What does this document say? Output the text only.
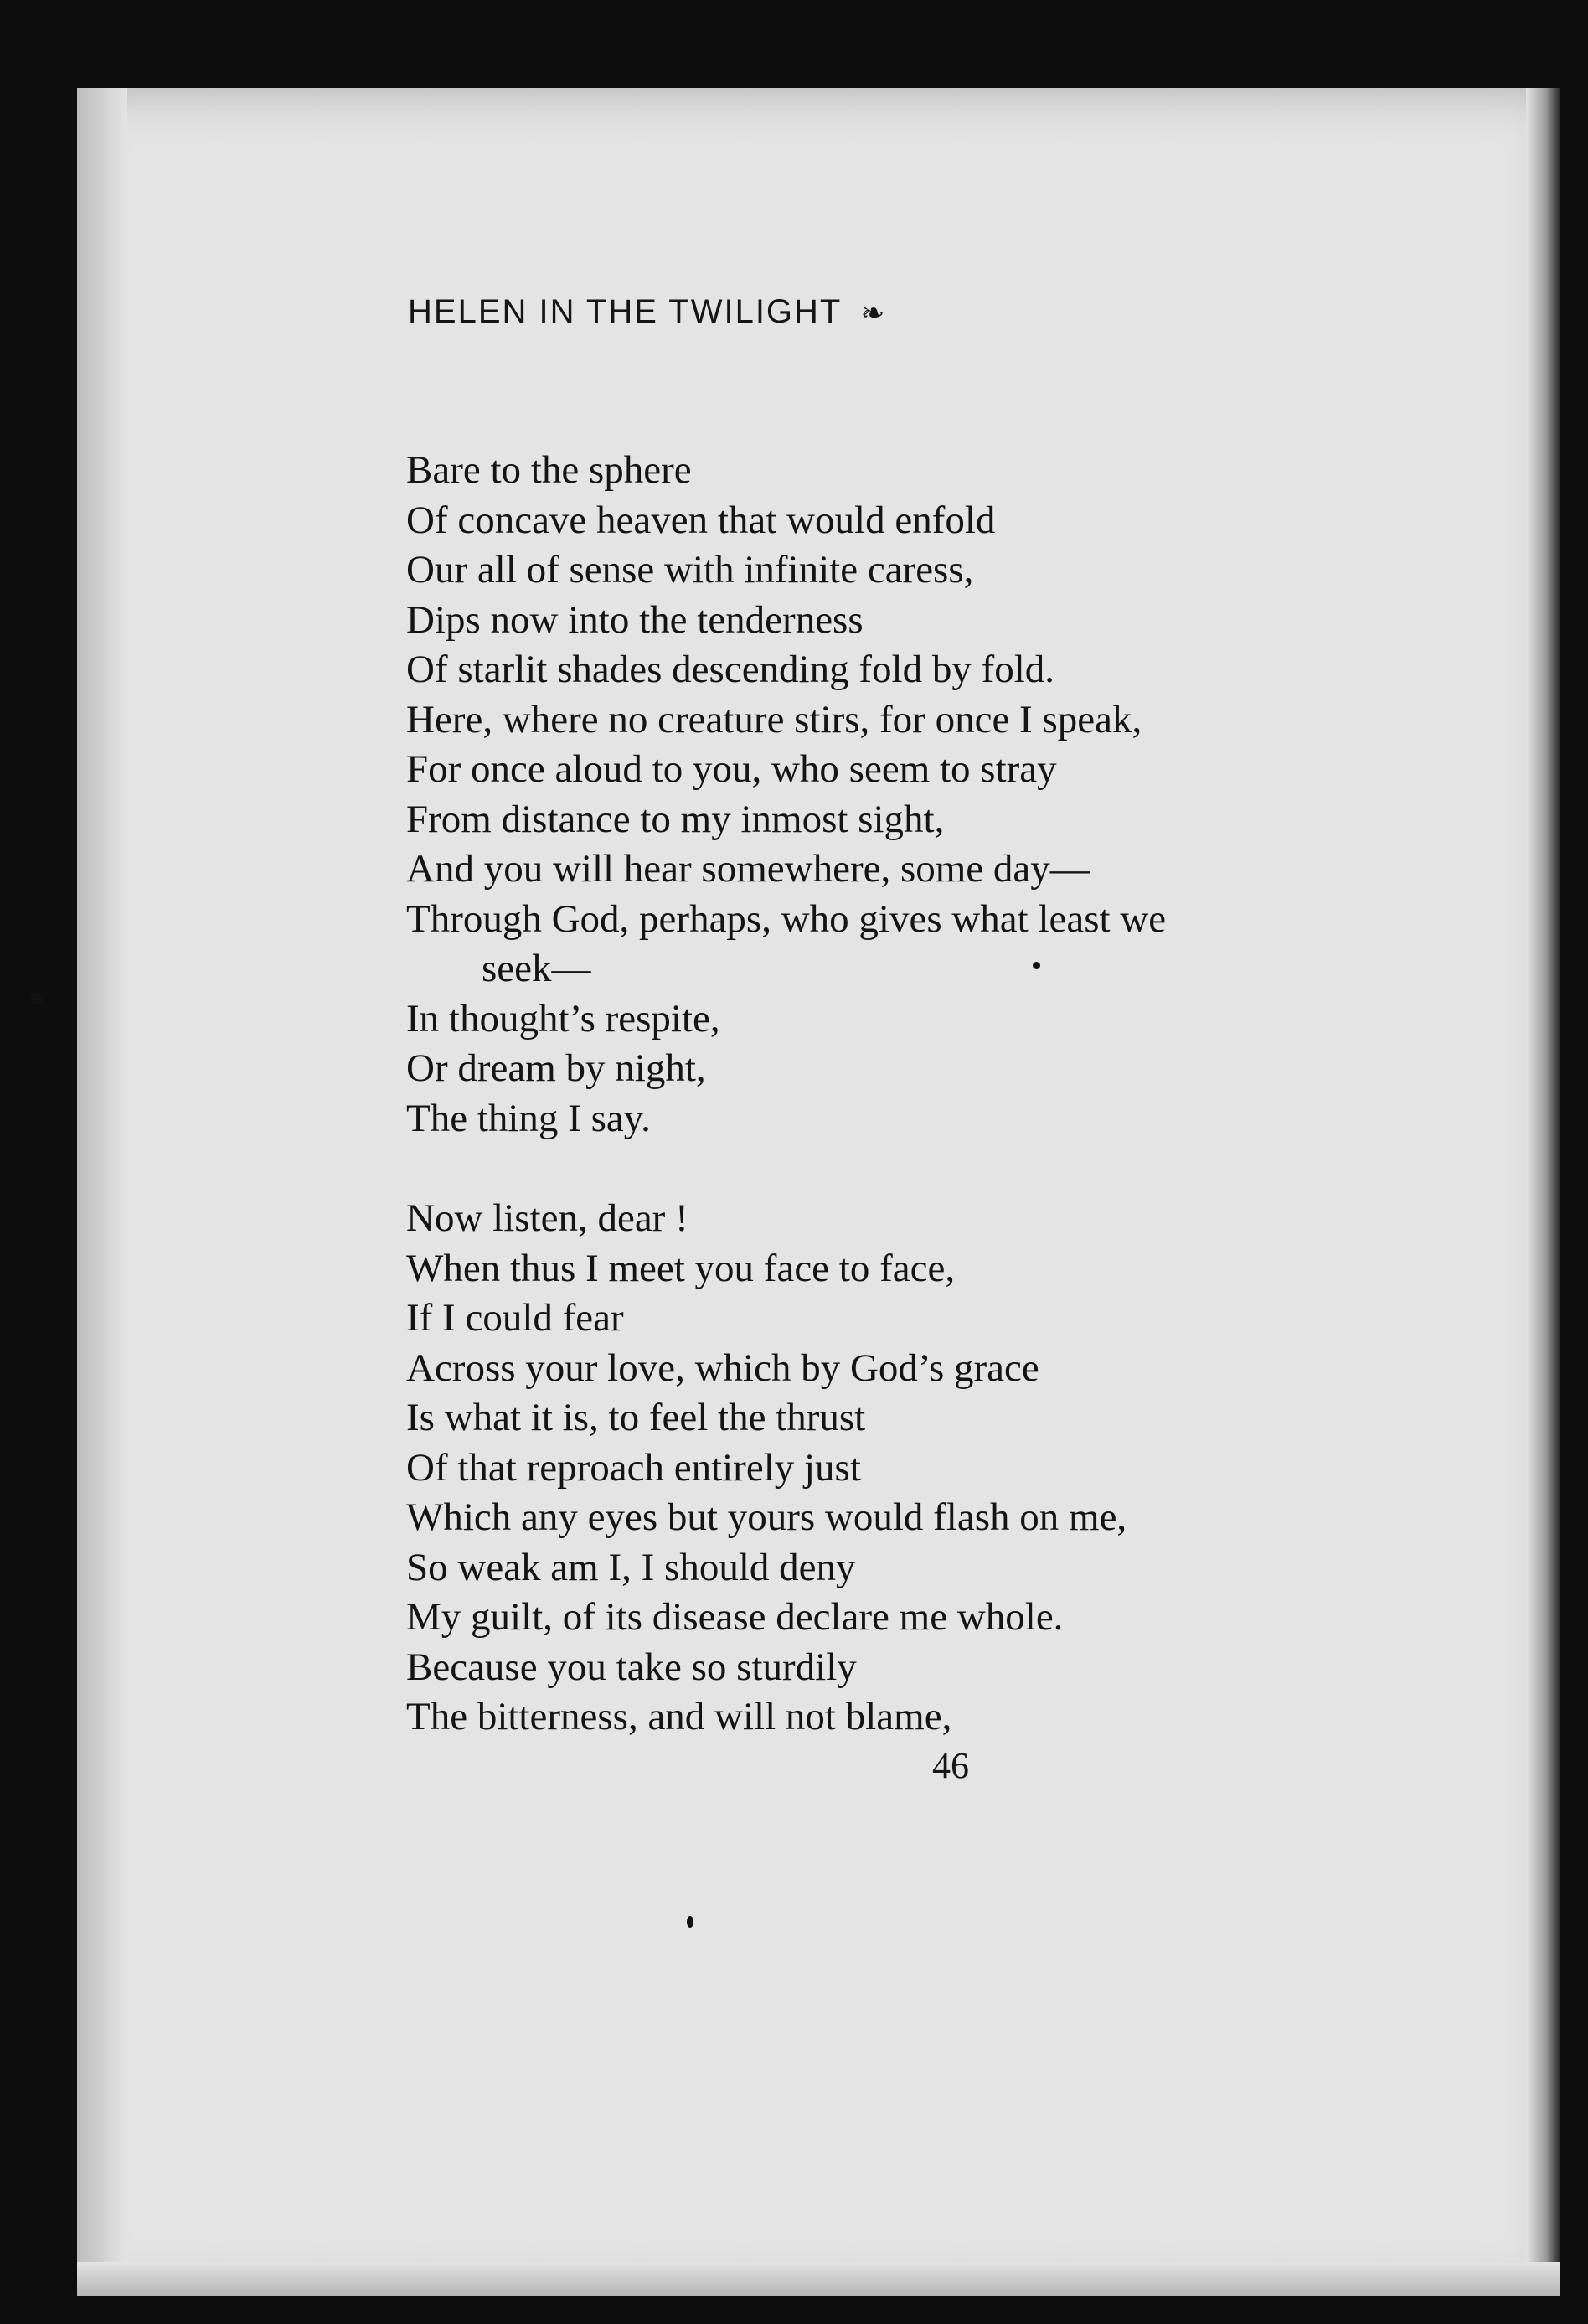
HELEN IN THE TWILIGHT ❧
Bare to the sphere
Of concave heaven that would enfold
Our all of sense with infinite caress,
Dips now into the tenderness
Of starlit shades descending fold by fold.
Here, where no creature stirs, for once I speak,
For once aloud to you, who seem to stray
From distance to my inmost sight,
And you will hear somewhere, some day—
Through God, perhaps, who gives what least we
seek—
In thought’s respite,
Or dream by night,
The thing I say.
Now listen, dear !
When thus I meet you face to face,
If I could fear
Across your love, which by God’s grace
Is what it is, to feel the thrust
Of that reproach entirely just
Which any eyes but yours would flash on me,
So weak am I, I should deny
My guilt, of its disease declare me whole.
Because you take so sturdily
The bitterness, and will not blame,
46
